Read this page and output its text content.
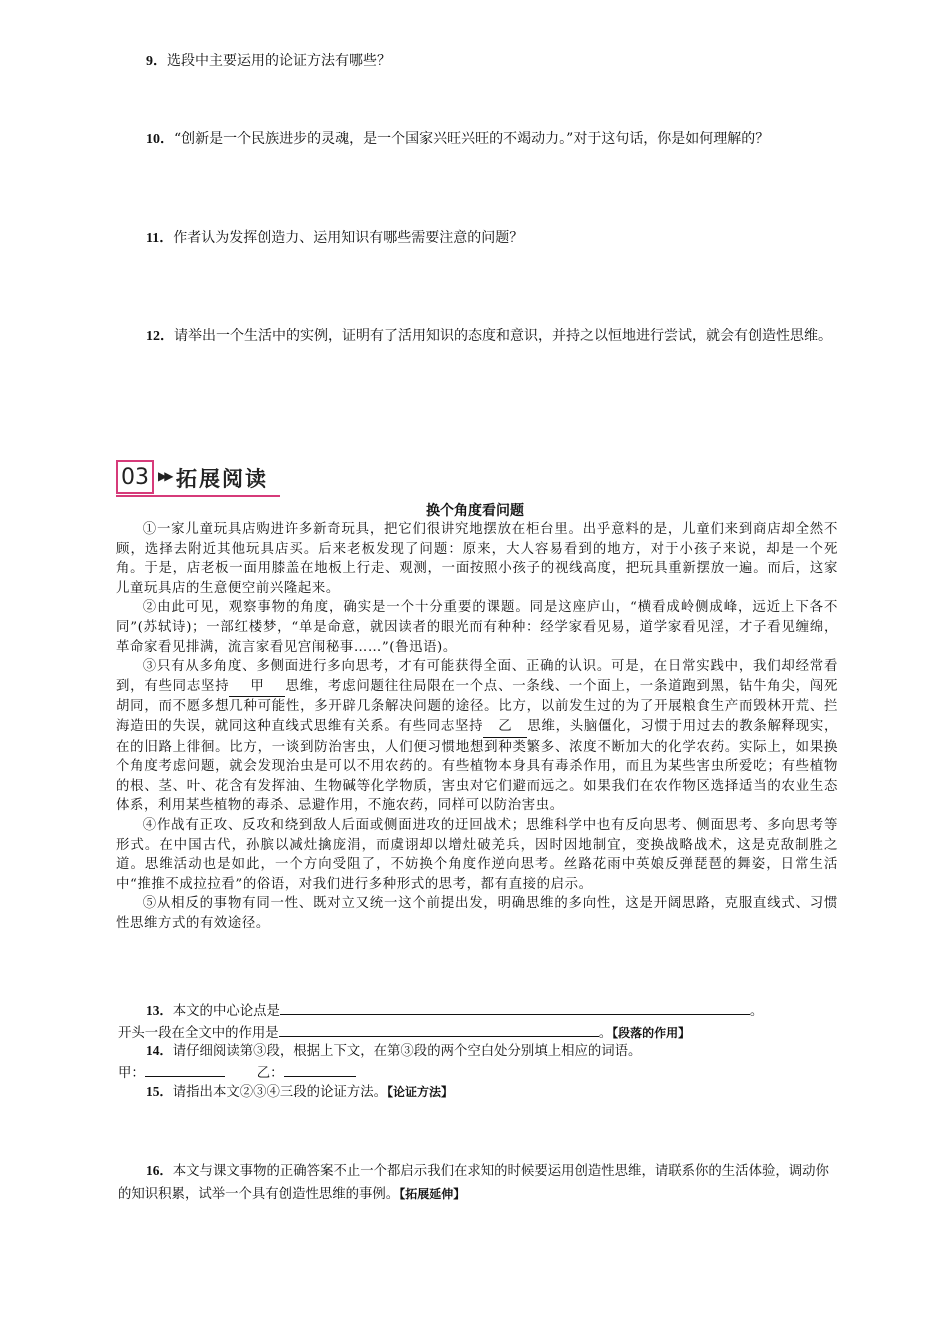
9．选段中主要运用的论证方法有哪些？
10．“创新是一个民族进步的灵魂，是一个国家兴旺兴旺的不竭动力。”对于这句话，你是如何理解的？
11．作者认为发挥创造力、运用知识有哪些需要注意的问题？
12．请举出一个生活中的实例，证明有了活用知识的态度和意识，并持之以恒地进行尝试，就会有创造性思维。
03 ▶▶ 拓展阅读
换个角度看问题

①一家儿童玩具店购进许多新奇玩具，把它们很讲究地摆放在柜台里。出乎意料的是，儿童们来到商店却全然不顾，选择去附近其他玩具店买。后来老板发现了问题：原来，大人容易看到的地方，对于小孩子来说，却是一个死角。于是，店老板一面用膝盖在地板上行走、观测，一面按照小孩子的视线高度，把玩具重新摆放一遍。而后，这家儿童玩具店的生意便空前兴隆起来。

②由此可见，观察事物的角度，确实是一个十分重要的课题。同是这座庐山，“横看成岭侧成峰，远近上下各不同”(苏轼诗)；一部红楼梦，“单是命意，就因读者的眼光而有种种：经学家看见易，道学家看见淫，才子看见缠绵，革命家看见排满，流言家看见宫闱秘事……”(鲁迅语)。

③只有从多角度、多侧面进行多向思考，才有可能获得全面、正确的认识。可是，在日常实践中，我们却经常看到，有些同志坚持 甲 思维，考虑问题往往局限在一个点、一条线、一个面上，一条道跑到黑，钻牛角尖，闯死胡同，而不愿多想几种可能性，多开辟几条解决问题的途径。比方，以前发生过的为了开展粮食生产而毁林开荒、拦海造田的失误，就同这种直线式思维有关系。有些同志坚持 乙 思维，头脑僵化，习惯于用过去的教条解释现实，在的旧路上徘徊。比方，一谈到防治害虫，人们便习惯地想到种类繁多、浓度不断加大的化学农药。实际上，如果换个角度考虑问题，就会发现治虫是可以不用农药的。有些植物本身具有毒杀作用，而且为某些害虫所爱吃；有些植物的根、茎、叶、花含有发挥油、生物碱等化学物质，害虫对它们避而远之。如果我们在农作物区选择适当的农业生态体系，利用某些植物的毒杀、忌避作用，不施农药，同样可以防治害虫。

④作战有正攻、反攻和绕到敌人后面或侧面进攻的迂回战术；思维科学中也有反向思考、侧面思考、多向思考等形式。在中国古代，孙膑以减灶擒庞涓，而虞诩却以增灶破羌兵，因时因地制宜，变换战略战术，这是克敌制胜之道。思维活动也是如此，一个方向受阻了，不妨换个角度作逆向思考。丝路花雨中英娘反弹琵琶的舞姿，日常生活中“推推不成拉拉看”的俗语，对我们进行多种形式的思考，都有直接的启示。

⑤从相反的事物有同一性、既对立又统一这个前提出发，明确思维的多向性，这是开阔思路，克服直线式、习惯性思维方式的有效途径。

13．本文的中心论点是	。
开头一段在全文中的作用是	。【段落的作用】
14．请仔细阅读第③段，根据上下文，在第③段的两个空白处分别填上相应的词语。
甲：	乙：
15．请指出本文②③④三段的论证方法。【论证方法】
16．本文与课文事物的正确答案不止一个都启示我们在求知的时候要运用创造性思维，请联系你的生活体验，调动你的知识积累，试举一个具有创造性思维的事例。【拓展延伸】
